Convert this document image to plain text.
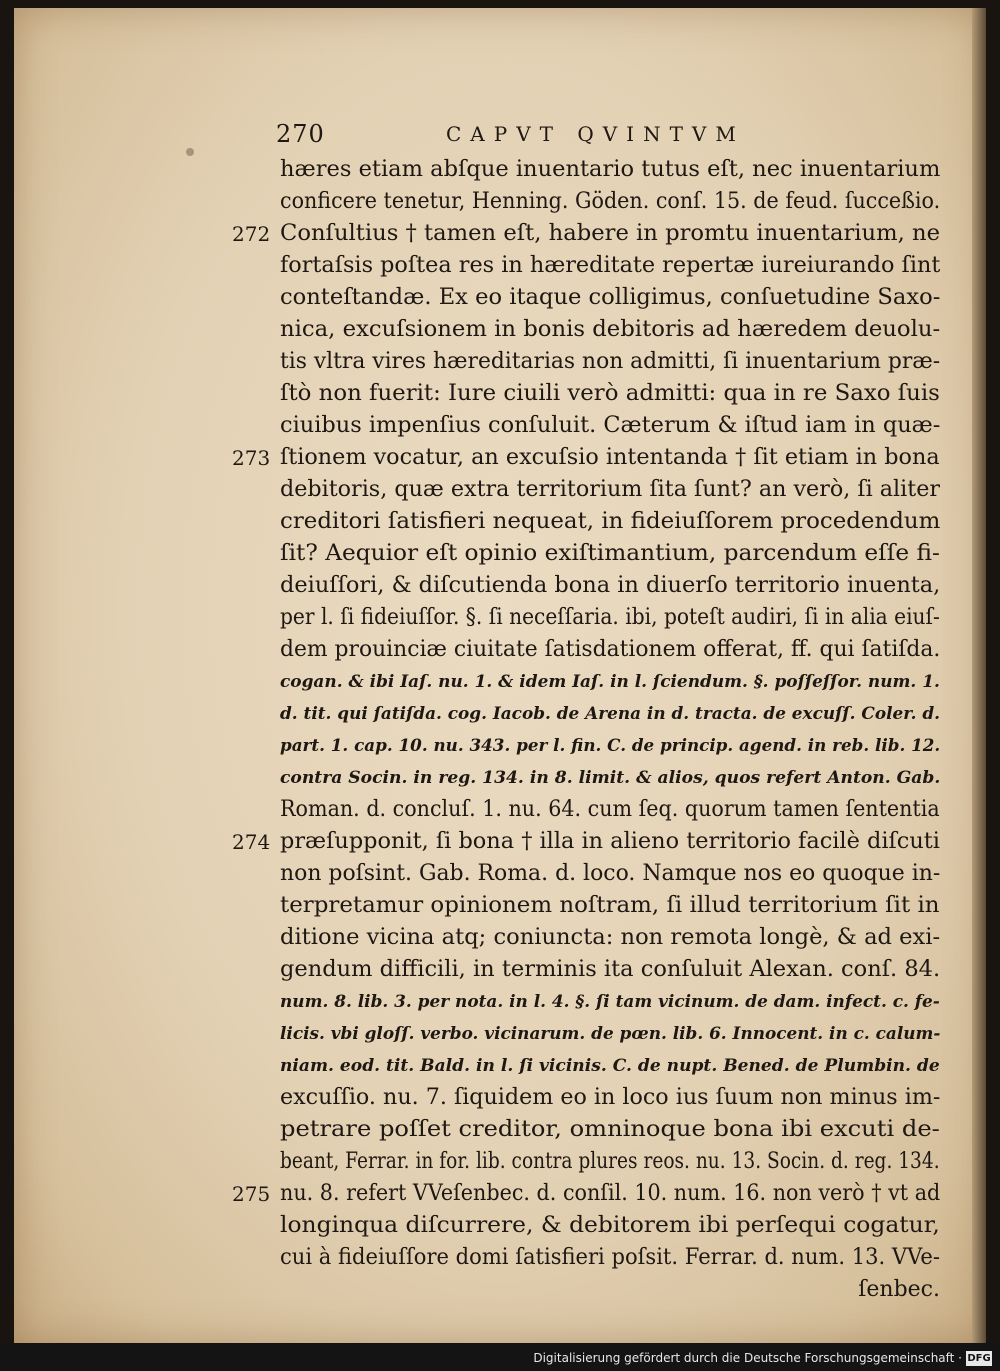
270	CAPVT QVINTVM
hæres etiam abſque inuentario tutus eſt, nec inuentarium
conficere tenetur, Henning. Göden. conſ. 15. de feud. ſucceßio.
272 Conſultius † tamen eſt, habere in promtu inuentarium, ne
fortaſsis poſtea res in hæreditate repertæ iureiurando ſint
conteſtandæ. Ex eo itaque colligimus, conſuetudine Saxo-
nica, excuſsionem in bonis debitoris ad hæredem deuolu-
tis vltra vires hæreditarias non admitti, ſi inuentarium præ-
ſtò non fuerit: Iure ciuili verò admitti: qua in re Saxo ſuis
ciuibus impenſius conſuluit. Cæterum & iſtud iam in quæ-
273 ſtionem vocatur, an excuſsio intentanda † ſit etiam in bona
debitoris, quæ extra territorium ſita ſunt? an verò, ſi aliter
creditori ſatisfieri nequeat, in fideiuſſorem procedendum
ſit? Aequior eſt opinio exiſtimantium, parcendum eſſe fi-
deiuſſori, & diſcutienda bona in diuerſo territorio inuenta,
per l. ſi fideiuſſor. §. ſi neceſſaria. ibi, poteſt audiri, ſi in alia eiuſ-
dem prouinciæ ciuitate ſatisdationem offerat, ff. qui ſatiſda.
cogan. & ibi Iaſ. nu. 1. & idem Iaſ. in l. ſciendum. §. poſſeſſor. num. 1.
d. tit. qui ſatiſda. cog. Iacob. de Arena in d. tracta. de excuſſ. Coler. d.
part. 1. cap. 10. nu. 343. per l. fin. C. de princip. agend. in reb. lib. 12.
contra Socin. in reg. 134. in 8. limit. & alios, quos refert Anton. Gab.
Roman. d. concluſ. 1. nu. 64. cum ſeq. quorum tamen ſententia
274 præſupponit, ſi bona † illa in alieno territorio facilè diſcuti
non poſsint. Gab. Roma. d. loco. Namque nos eo quoque in-
terpretamur opinionem noſtram, ſi illud territorium ſit in
ditione vicina atq; coniuncta: non remota longè, & ad exi-
gendum difficili, in terminis ita conſuluit Alexan. conſ. 84.
num. 8. lib. 3. per nota. in l. 4. §. ſi tam vicinum. de dam. infect. c. fe-
licis. vbi gloſſ. verbo. vicinarum. de pœn. lib. 6. Innocent. in c. calum-
niam. eod. tit. Bald. in l. ſi vicinis. C. de nupt. Bened. de Plumbin. de
excuſſio. nu. 7. ſiquidem eo in loco ius ſuum non minus im-
petrare poſſet creditor, omninoque bona ibi excuti de-
beant, Ferrar. in for. lib. contra plures reos. nu. 13. Socin. d. reg. 134.
275 nu. 8. refert VVeſenbec. d. conſil. 10. num. 16. non verò † vt ad
longinqua diſcurrere, & debitorem ibi perſequi cogatur,
cui à fideiuſſore domi ſatisfieri poſsit. Ferrar. d. num. 13. VVe-
ſenbec.
Digitalisierung gefördert durch die Deutsche Forschungsgemeinschaft · DFG
